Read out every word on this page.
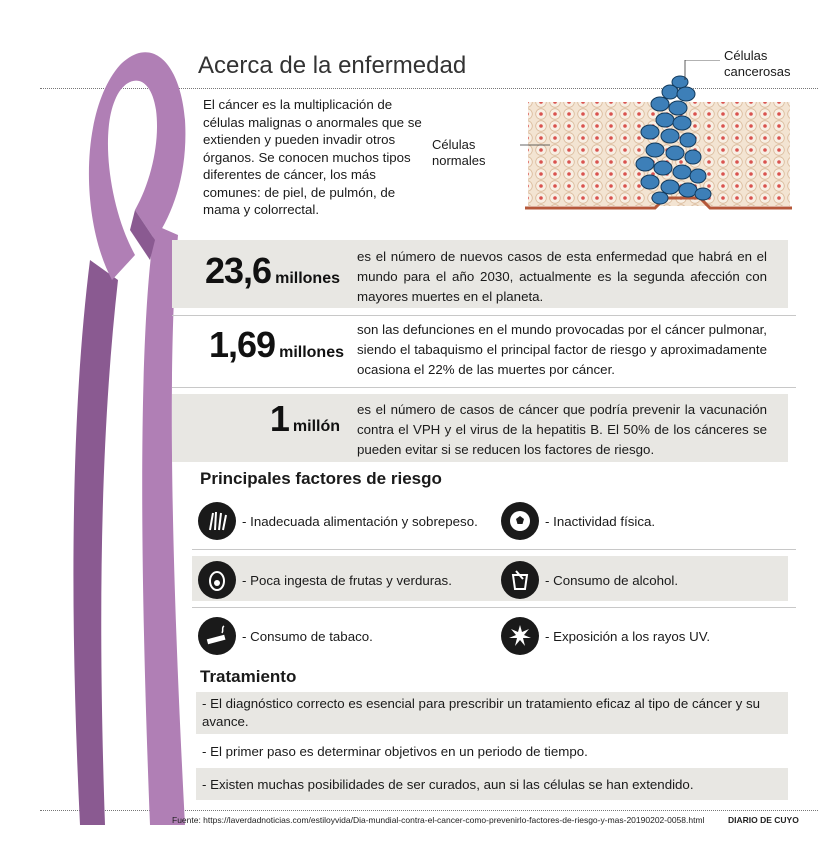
Acerca de la enfermedad
El cáncer es la multiplicación de células malignas o anormales que se extienden y pueden invadir otros órganos. Se conocen muchos tipos diferentes de cáncer, los más comunes: de piel, de pulmón, de mama y colorrectal.
Células cancerosas
Células normales
23,6 millones
es el número de nuevos casos de esta enfermedad que habrá en el mundo para el año 2030, actualmente es la segunda afección con mayores muertes en el planeta.
1,69 millones
son las defunciones en el mundo provocadas por el cáncer pulmonar, siendo el tabaquismo el principal factor de riesgo y aproximadamente ocasiona el 22% de las muertes por cáncer.
1 millón
es el número de casos de cáncer que podría prevenir la vacunación contra el VPH y el virus de la hepatitis B. El 50% de los cánceres se pueden evitar si se reducen los factores de riesgo.
Principales factores de riesgo
- Inadecuada alimentación y sobrepeso.	- Inactividad física.
- Poca ingesta de frutas y verduras.	- Consumo de alcohol.
- Consumo de tabaco.	- Exposición a los rayos UV.
Tratamiento
- El diagnóstico correcto es esencial para prescribir un tratamiento eficaz al tipo de cáncer y su avance.
- El primer paso es determinar objetivos en un periodo de tiempo.
- Existen muchas posibilidades de ser curados, aun si las células se han extendido.
Fuente: https://laverdadnoticias.com/estiloyvida/Dia-mundial-contra-el-cancer-como-prevenirlo-factores-de-riesgo-y-mas-20190202-0058.html	DIARIO DE CUYO
